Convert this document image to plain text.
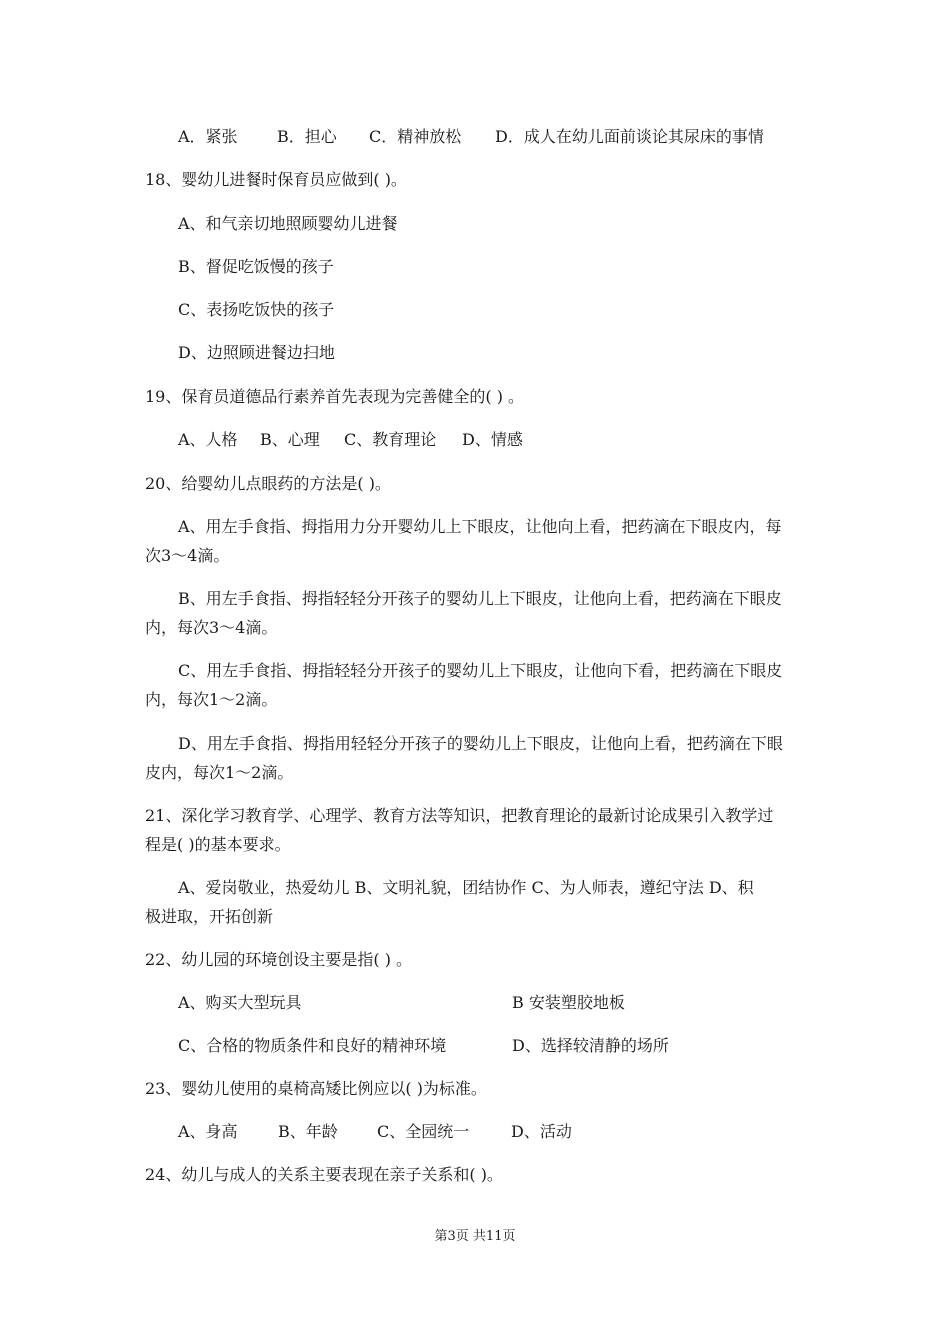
A．紧张 B．担心 C．精神放松 D．成人在幼儿面前谈论其尿床的事情
18、婴幼儿进餐时保育员应做到( )。
A、和气亲切地照顾婴幼儿进餐
B、督促吃饭慢的孩子
C、表扬吃饭快的孩子
D、边照顾进餐边扫地
19、保育员道德品行素养首先表现为完善健全的( ) 。
A、人格 B、心理 C、教育理论 D、情感
20、给婴幼儿点眼药的方法是( )。
A、用左手食指、拇指用力分开婴幼儿上下眼皮，让他向上看，把药滴在下眼皮内，每
次3～4滴。
B、用左手食指、拇指轻轻分开孩子的婴幼儿上下眼皮，让他向上看，把药滴在下眼皮
内，每次3～4滴。
C、用左手食指、拇指轻轻分开孩子的婴幼儿上下眼皮，让他向下看，把药滴在下眼皮
内，每次1～2滴。
D、用左手食指、拇指用轻轻分开孩子的婴幼儿上下眼皮，让他向上看，把药滴在下眼
皮内，每次1～2滴。
21、深化学习教育学、心理学、教育方法等知识，把教育理论的最新讨论成果引入教学过
程是( )的基本要求。
A、爱岗敬业，热爱幼儿 B、文明礼貌，团结协作 C、为人师表，遵纪守法 D、积
极进取，开拓创新
22、幼儿园的环境创设主要是指( ) 。
A、购买大型玩具	B 安装塑胶地板
C、合格的物质条件和良好的精神环境	D、选择较清静的场所
23、婴幼儿使用的桌椅高矮比例应以( )为标准。
A、身高	B、年龄 C、全园统一	D、活动
24、幼儿与成人的关系主要表现在亲子关系和( )。
第3页 共11页
